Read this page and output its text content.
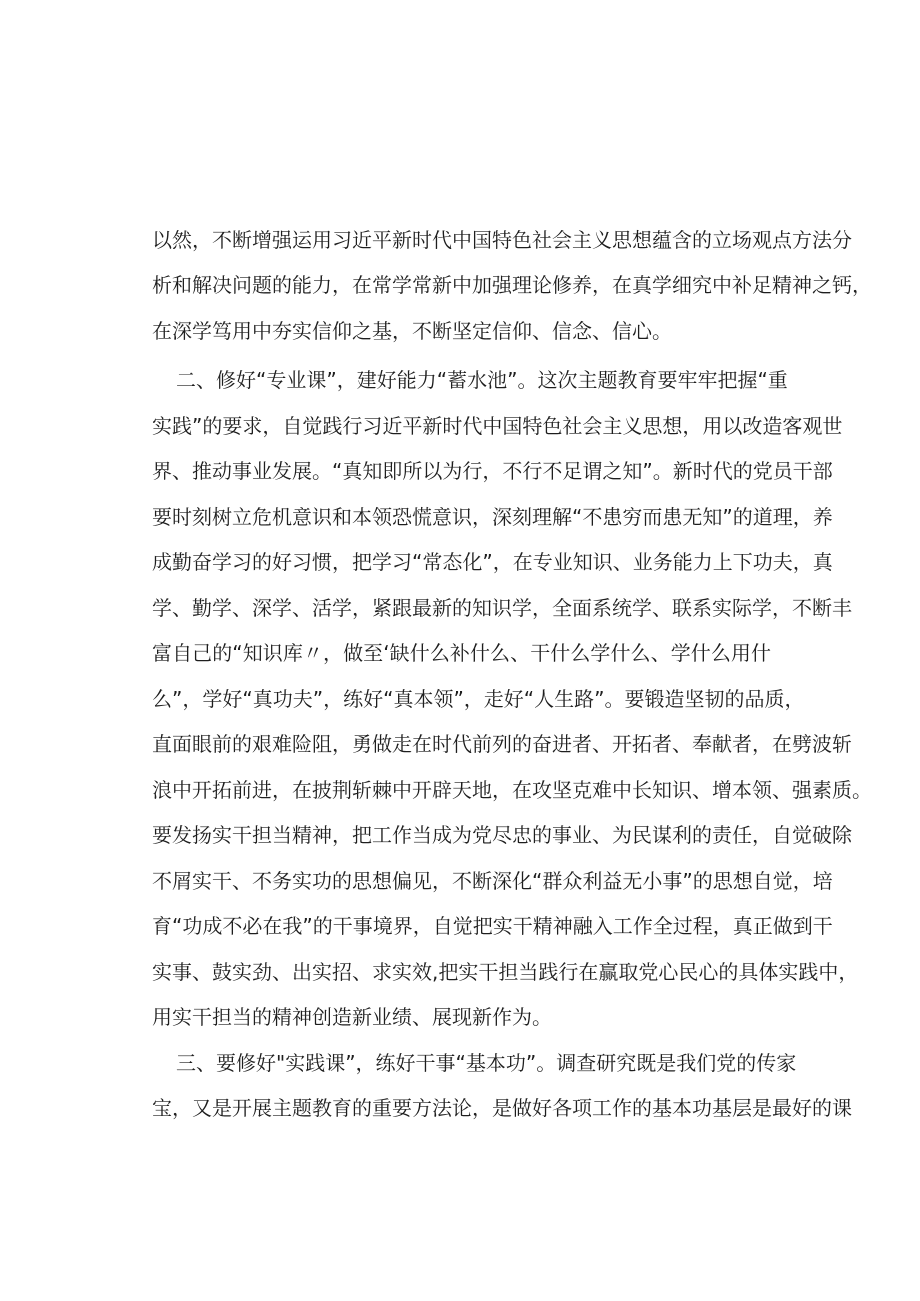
以然，不断增强运用习近平新时代中国特色社会主义思想蕴含的立场观点方法分
析和解决问题的能力，在常学常新中加强理论修养，在真学细究中补足精神之钙，
在深学笃用中夯实信仰之基，不断坚定信仰、信念、信心。
二、修好“专业课”，建好能力“蓄水池”。这次主题教育要牢牢把握“重
实践”的要求，自觉践行习近平新时代中国特色社会主义思想，用以改造客观世
界、推动事业发展。“真知即所以为行，不行不足谓之知”。新时代的党员干部
要时刻树立危机意识和本领恐慌意识，深刻理解“不患穷而患无知”的道理，养
成勤奋学习的好习惯，把学习“常态化”，在专业知识、业务能力上下功夫，真
学、勤学、深学、活学，紧跟最新的知识学，全面系统学、联系实际学，不断丰
富自己的“知识库〃，做至‘缺什么补什么、干什么学什么、学什么用什
么”，学好“真功夫”，练好“真本领”，走好“人生路”。要锻造坚韧的品质，
直面眼前的艰难险阻，勇做走在时代前列的奋进者、开拓者、奉献者，在劈波斩
浪中开拓前进，在披荆斩棘中开辟天地，在攻坚克难中长知识、增本领、强素质。
要发扬实干担当精神，把工作当成为党尽忠的事业、为民谋利的责任，自觉破除
不屑实干、不务实功的思想偏见，不断深化“群众利益无小事”的思想自觉，培
育“功成不必在我”的干事境界，自觉把实干精神融入工作全过程，真正做到干
实事、鼓实劲、出实招、求实效,把实干担当践行在赢取党心民心的具体实践中，
用实干担当的精神创造新业绩、展现新作为。
三、要修好"实践课”，练好干事“基本功”。调查研究既是我们党的传家
宝，又是开展主题教育的重要方法论，是做好各项工作的基本功基层是最好的课
